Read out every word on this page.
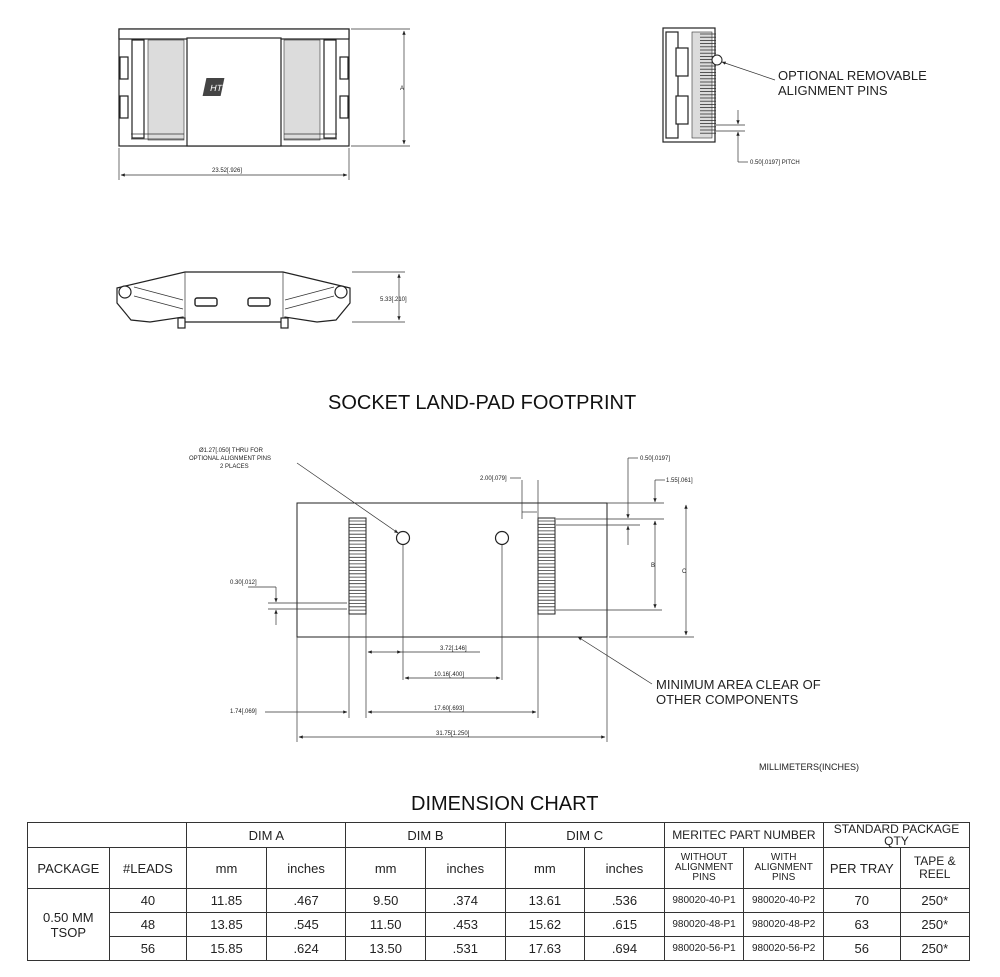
HT
23.52[.926]
A
OPTIONAL REMOVABLE
ALIGNMENT PINS
0.50[.0197] PITCH
5.33[.210]
SOCKET LAND-PAD FOOTPRINT
Ø1.27[.050] THRU FOR
OPTIONAL ALIGNMENT PINS
2 PLACES
0.30[.012]
2.00[.079]
0.50[.0197]
1.55[.061]
B
C
3.72[.146]
10.16[.400]
1.74[.069]	17.60[.693]
31.75[1.250]
MINIMUM AREA CLEAR OF
OTHER COMPONENTS
MILLIMETERS(INCHES)
DIMENSION CHART
		DIM A		DIM B		DIM C		MERITEC PART NUMBER		STANDARD PACKAGE QTY	
PACKAGE	#LEADS	mm	inches	mm	inches	mm	inches	WITHOUT ALIGNMENT PINS	WITH ALIGNMENT PINS	PER TRAY	TAPE & REEL
0.50 MM TSOP	40	11.85	.467	9.50	.374	13.61	.536	980020-40-P1	980020-40-P2	70	250*
	48	13.85	.545	11.50	.453	15.62	.615	980020-48-P1	980020-48-P2	63	250*
	56	15.85	.624	13.50	.531	17.63	.694	980020-56-P1	980020-56-P2	56	250*
